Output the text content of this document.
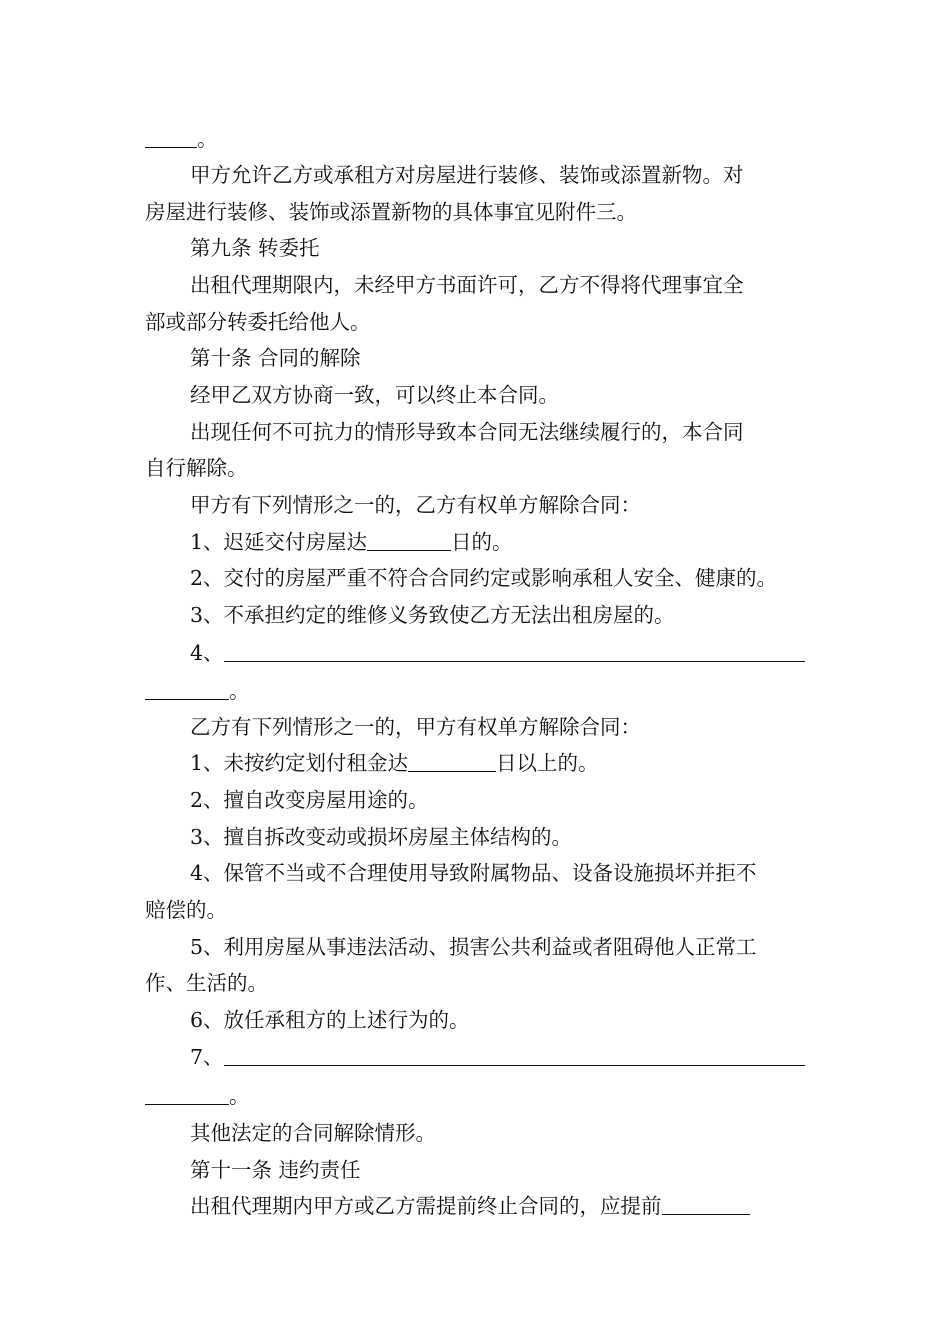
。
甲方允许乙方或承租方对房屋进行装修、装饰或添置新物。对
房屋进行装修、装饰或添置新物的具体事宜见附件三。
第九条 转委托
出租代理期限内，未经甲方书面许可，乙方不得将代理事宜全
部或部分转委托给他人。
第十条 合同的解除
经甲乙双方协商一致，可以终止本合同。
出现任何不可抗力的情形导致本合同无法继续履行的，本合同
自行解除。
甲方有下列情形之一的，乙方有权单方解除合同：
1、迟延交付房屋达	日的。
2、交付的房屋严重不符合合同约定或影响承租人安全、健康的。
3、不承担约定的维修义务致使乙方无法出租房屋的。
4、
。
乙方有下列情形之一的，甲方有权单方解除合同：
1、未按约定划付租金达	日以上的。
2、擅自改变房屋用途的。
3、擅自拆改变动或损坏房屋主体结构的。
4、保管不当或不合理使用导致附属物品、设备设施损坏并拒不
赔偿的。
5、利用房屋从事违法活动、损害公共利益或者阻碍他人正常工
作、生活的。
6、放任承租方的上述行为的。
7、
。
其他法定的合同解除情形。
第十一条 违约责任
出租代理期内甲方或乙方需提前终止合同的，应提前
